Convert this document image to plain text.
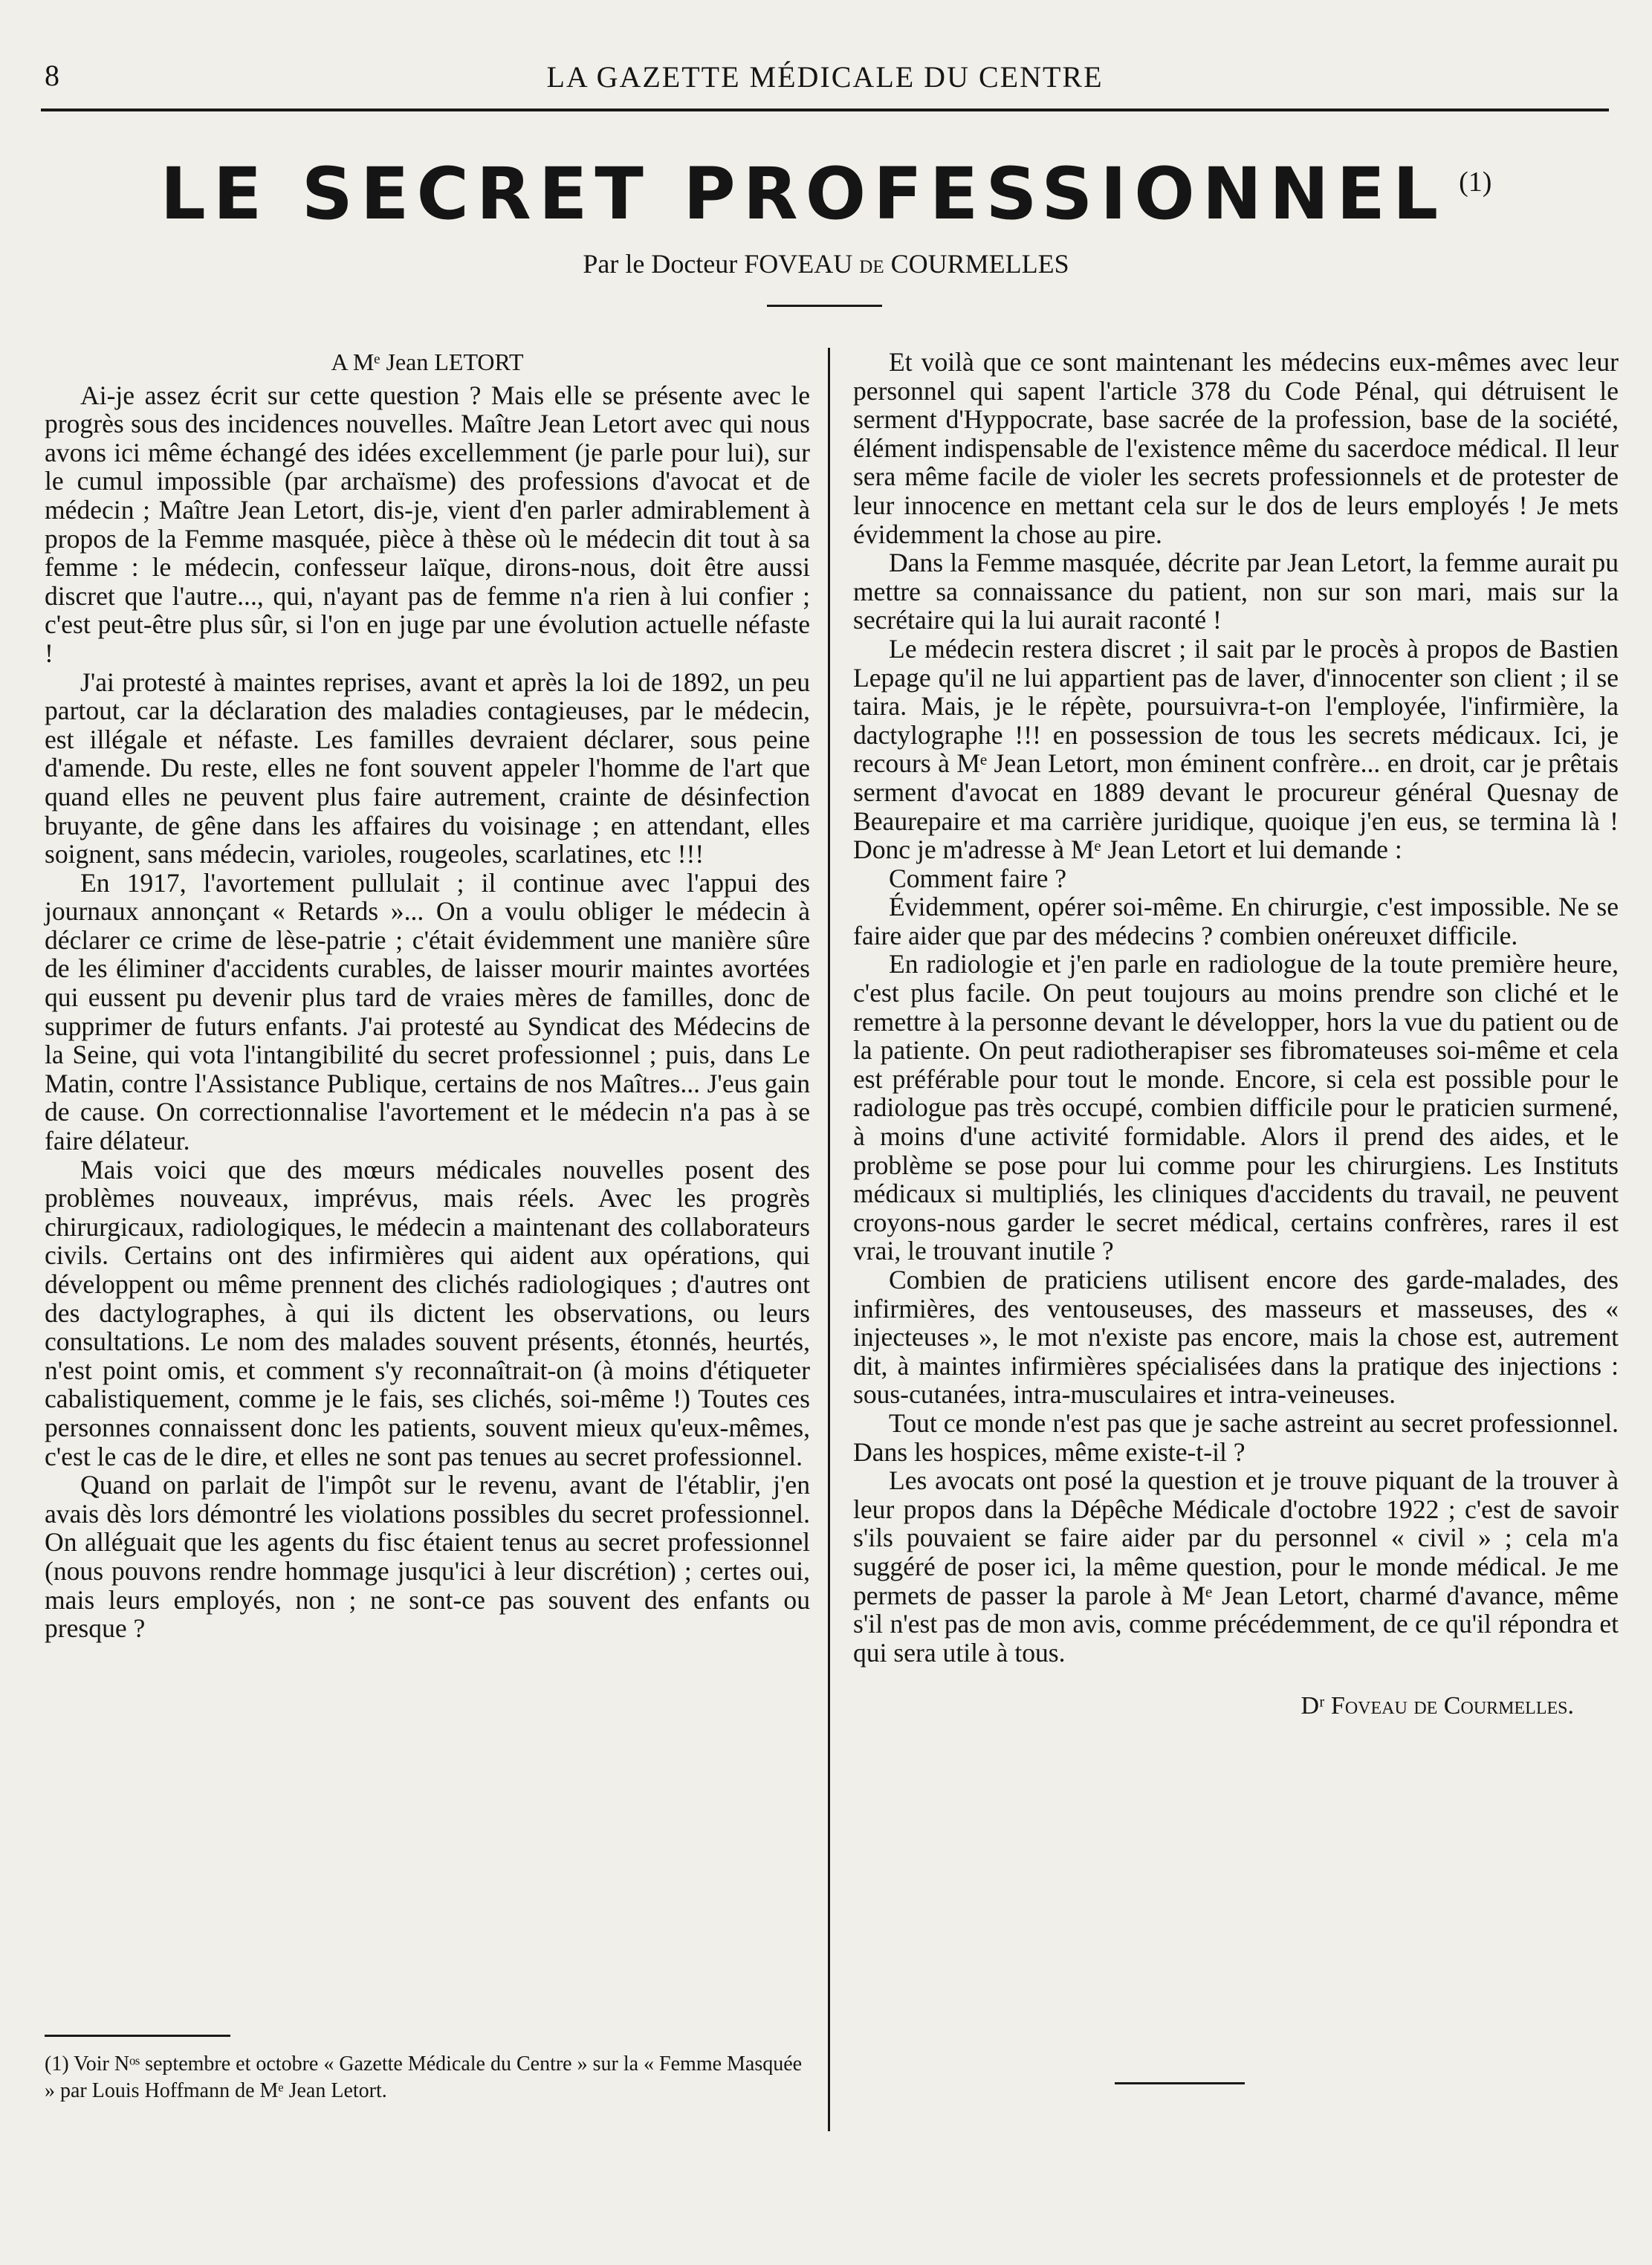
8	LA GAZETTE MÉDICALE DU CENTRE
LE SECRET PROFESSIONNEL $^{(1)}$
Par le Docteur FOVEAU de COURMELLES

A Mᵉ Jean LETORT

Ai-je assez écrit sur cette question ? Mais elle se présente avec le progrès sous des incidences nouvelles. Maître Jean Letort avec qui nous avons ici même échangé des idées excellemment (je parle pour lui), sur le cumul impossible (par archaïsme) des professions d'avocat et de médecin ; Maître Jean Letort, dis-je, vient d'en parler admirablement à propos de la Femme masquée, pièce à thèse où le médecin dit tout à sa femme : le médecin, confesseur laïque, dirons-nous, doit être aussi discret que l'autre..., qui, n'ayant pas de femme n'a rien à lui confier ; c'est peut-être plus sûr, si l'on en juge par une évolution actuelle néfaste !

J'ai protesté à maintes reprises, avant et après la loi de 1892, un peu partout, car la déclaration des maladies contagieuses, par le médecin, est illégale et néfaste. Les familles devraient déclarer, sous peine d'amende. Du reste, elles ne font souvent appeler l'homme de l'art que quand elles ne peuvent plus faire autrement, crainte de désinfection bruyante, de gêne dans les affaires du voisinage ; en attendant, elles soignent, sans médecin, varioles, rougeoles, scarlatines, etc !!!

En 1917, l'avortement pullulait ; il continue avec l'appui des journaux annonçant « Retards »... On a voulu obliger le médecin à déclarer ce crime de lèse-patrie ; c'était évidemment une manière sûre de les éliminer d'accidents curables, de laisser mourir maintes avortées qui eussent pu devenir plus tard de vraies mères de familles, donc de supprimer de futurs enfants. J'ai protesté au Syndicat des Médecins de la Seine, qui vota l'intangibilité du secret professionnel ; puis, dans Le Matin, contre l'Assistance Publique, certains de nos Maîtres... J'eus gain de cause. On correctionnalise l'avortement et le médecin n'a pas à se faire délateur.

Mais voici que des mœurs médicales nouvelles posent des problèmes nouveaux, imprévus, mais réels. Avec les progrès chirurgicaux, radiologiques, le médecin a maintenant des collaborateurs civils. Certains ont des infirmières qui aident aux opérations, qui développent ou même prennent des clichés radiologiques ; d'autres ont des dactylographes, à qui ils dictent les observations, ou leurs consultations. Le nom des malades souvent présents, étonnés, heurtés, n'est point omis, et comment s'y reconnaîtrait-on (à moins d'étiqueter cabalistiquement, comme je le fais, ses clichés, soi-même !) Toutes ces personnes connaissent donc les patients, souvent mieux qu'eux-mêmes, c'est le cas de le dire, et elles ne sont pas tenues au secret professionnel.

Quand on parlait de l'impôt sur le revenu, avant de l'établir, j'en avais dès lors démontré les violations possibles du secret professionnel. On alléguait que les agents du fisc étaient tenus au secret professionnel (nous pouvons rendre hommage jusqu'ici à leur discrétion) ; certes oui, mais leurs employés, non ; ne sont-ce pas souvent des enfants ou presque ?

Et voilà que ce sont maintenant les médecins eux-mêmes avec leur personnel qui sapent l'article 378 du Code Pénal, qui détruisent le serment d'Hyppocrate, base sacrée de la profession, base de la société, élément indispensable de l'existence même du sacerdoce médical. Il leur sera même facile de violer les secrets professionnels et de protester de leur innocence en mettant cela sur le dos de leurs employés ! Je mets évidemment la chose au pire.

Dans la Femme masquée, décrite par Jean Letort, la femme aurait pu mettre sa connaissance du patient, non sur son mari, mais sur la secrétaire qui la lui aurait raconté !

Le médecin restera discret ; il sait par le procès à propos de Bastien Lepage qu'il ne lui appartient pas de laver, d'innocenter son client ; il se taira. Mais, je le répète, poursuivra-t-on l'employée, l'infirmière, la dactylographe !!! en possession de tous les secrets médicaux. Ici, je recours à Mᵉ Jean Letort, mon éminent confrère... en droit, car je prêtais serment d'avocat en 1889 devant le procureur général Quesnay de Beaurepaire et ma carrière juridique, quoique j'en eus, se termina là ! Donc je m'adresse à Mᵉ Jean Letort et lui demande :

Comment faire ?

Évidemment, opérer soi-même. En chirurgie, c'est impossible. Ne se faire aider que par des médecins ? combien onéreuxet difficile.

En radiologie et j'en parle en radiologue de la toute première heure, c'est plus facile. On peut toujours au moins prendre son cliché et le remettre à la personne devant le développer, hors la vue du patient ou de la patiente. On peut radiotherapiser ses fibromateuses soi-même et cela est préférable pour tout le monde. Encore, si cela est possible pour le radiologue pas très occupé, combien difficile pour le praticien surmené, à moins d'une activité formidable. Alors il prend des aides, et le problème se pose pour lui comme pour les chirurgiens. Les Instituts médicaux si multipliés, les cliniques d'accidents du travail, ne peuvent croyons-nous garder le secret médical, certains confrères, rares il est vrai, le trouvant inutile ?

Combien de praticiens utilisent encore des garde-malades, des infirmières, des ventouseuses, des masseurs et masseuses, des « injecteuses », le mot n'existe pas encore, mais la chose est, autrement dit, à maintes infirmières spécialisées dans la pratique des injections : sous-cutanées, intra-musculaires et intra-veineuses.

Tout ce monde n'est pas que je sache astreint au secret professionnel. Dans les hospices, même existe-t-il ?

Les avocats ont posé la question et je trouve piquant de la trouver à leur propos dans la Dépêche Médicale d'octobre 1922 ; c'est de savoir s'ils pouvaient se faire aider par du personnel « civil » ; cela m'a suggéré de poser ici, la même question, pour le monde médical. Je me permets de passer la parole à Mᵉ Jean Letort, charmé d'avance, même s'il n'est pas de mon avis, comme précédemment, de ce qu'il répondra et qui sera utile à tous.

Dʳ Foveau de Courmelles.

(1) Voir Nᵒˢ septembre et octobre « Gazette Médicale du Centre » sur la « Femme Masquée » par Louis Hoffmann de Mᵉ Jean Letort.
